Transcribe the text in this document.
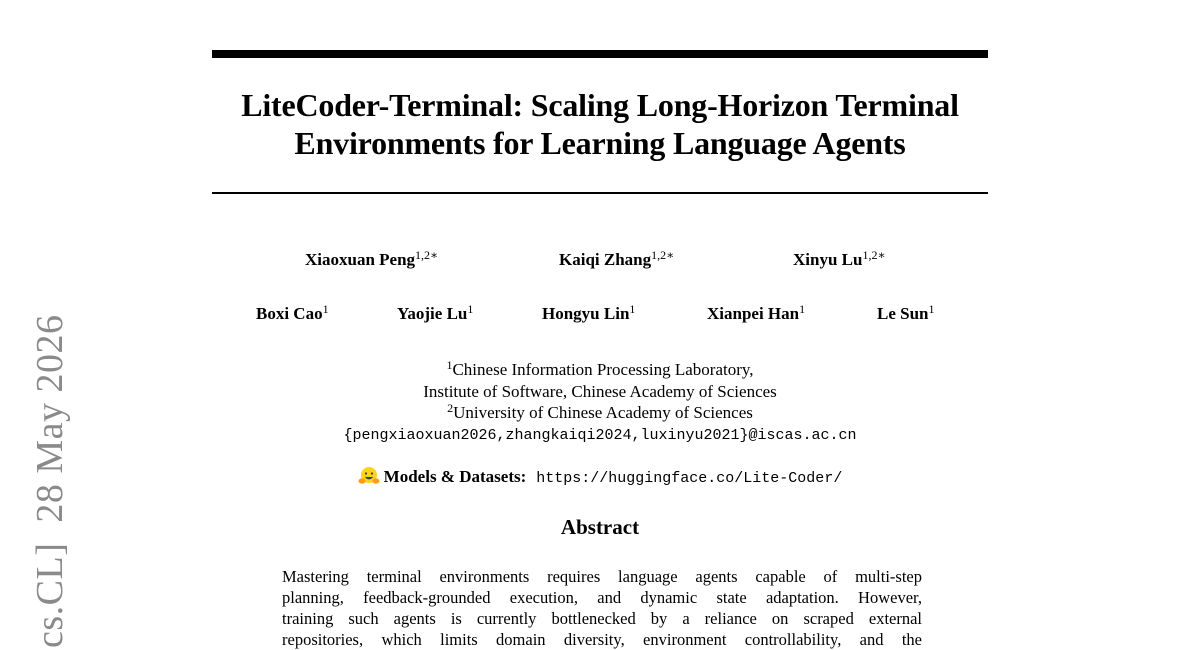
cs.CL]  28 May 2026
LiteCoder-Terminal: Scaling Long-Horizon Terminal
Environments for Learning Language Agents
Xiaoxuan Peng$^{1,2∗}$	Kaiqi Zhang$^{1,2∗}$	Xinyu $Lu^{1,2∗}$
Boxi Cao$^1$	Yaojie Lu$^1$	Hongyu Lin$^1$	Xianpei Han$^1$	Le Sun$^1$
$^1$Chinese Information Processing Laboratory,
Institute of Software, Chinese Academy of Sciences
$^2$University of Chinese Academy of Sciences
{pengxiaoxuan2026,zhangkaiqi2024,luxinyu2021}@iscas.ac.cn
Models & Datasets: https://huggingface.co/Lite-Coder/
Abstract
Mastering terminal environments requires language agents capable of multi-step
planning, feedback-grounded execution, and dynamic state adaptation. However,
training such agents is currently bottlenecked by a reliance on scraped external
repositories, which limits domain diversity, environment controllability, and the
